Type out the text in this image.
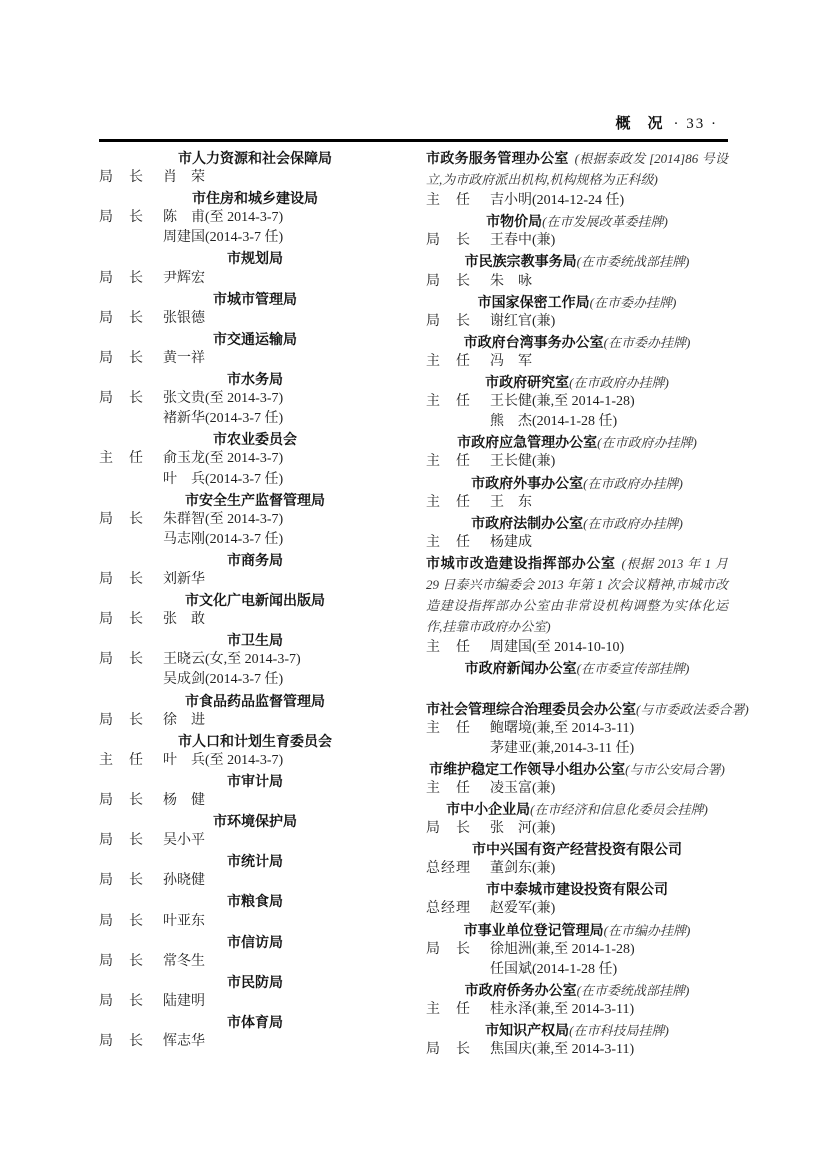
概　况 · 33 ·
市人力资源和社会保障局
局长 肖　荣
市住房和城乡建设局
局长 陈　甫(至 2014-3-7)
周建国(2014-3-7 任)
市规划局
局长 尹辉宏
市城市管理局
局长 张银德
市交通运输局
局长 黄一祥
市水务局
局长 张文贵(至 2014-3-7)
褚新华(2014-3-7 任)
市农业委员会
主任 俞玉龙(至 2014-3-7)
叶　兵(2014-3-7 任)
市安全生产监督管理局
局长 朱群智(至 2014-3-7)
马志刚(2014-3-7 任)
市商务局
局长 刘新华
市文化广电新闻出版局
局长 张　敢
市卫生局
局长 王晓云(女,至 2014-3-7)
吴成剑(2014-3-7 任)
市食品药品监督管理局
局长 徐　进
市人口和计划生育委员会
主任 叶　兵(至 2014-3-7)
市审计局
局长 杨　健
市环境保护局
局长 吴小平
市统计局
局长 孙晓健
市粮食局
局长 叶亚东
市信访局
局长 常冬生
市民防局
局长 陆建明
市体育局
局长 恽志华
市政务服务管理办公室 (根据泰政发 [2014]86 号设立,为市政府派出机构,机构规格为正科级)
主任 吉小明(2014-12-24 任)
市物价局(在市发展改革委挂牌)
局长 王春中(兼)
市民族宗教事务局(在市委统战部挂牌)
局长 朱　咏
市国家保密工作局(在市委办挂牌)
局长 谢红官(兼)
市政府台湾事务办公室(在市委办挂牌)
主任 冯　军
市政府研究室(在市政府办挂牌)
主任 王长健(兼,至 2014-1-28)
熊　杰(2014-1-28 任)
市政府应急管理办公室(在市政府办挂牌)
主任 王长健(兼)
市政府外事办公室(在市政府办挂牌)
主任 王　东
市政府法制办公室(在市政府办挂牌)
主任 杨建成
市城市改造建设指挥部办公室 (根据 2013 年 1 月 29 日泰兴市编委会 2013 年第 1 次会议精神,市城市改造建设指挥部办公室由非常设机构调整为实体化运作,挂靠市政府办公室)
主任 周建国(至 2014-10-10)
市政府新闻办公室(在市委宣传部挂牌)
市社会管理综合治理委员会办公室(与市委政法委合署)
主任 鲍曙境(兼,至 2014-3-11)
茅建亚(兼,2014-3-11 任)
市维护稳定工作领导小组办公室(与市公安局合署)
主任 凌玉富(兼)
市中小企业局(在市经济和信息化委员会挂牌)
局长 张　河(兼)
市中兴国有资产经营投资有限公司
总经理 董剑东(兼)
市中泰城市建设投资有限公司
总经理 赵爱军(兼)
市事业单位登记管理局(在市编办挂牌)
局长 徐旭洲(兼,至 2014-1-28)
任国斌(2014-1-28 任)
市政府侨务办公室(在市委统战部挂牌)
主任 桂永泽(兼,至 2014-3-11)
市知识产权局(在市科技局挂牌)
局长 焦国庆(兼,至 2014-3-11)
